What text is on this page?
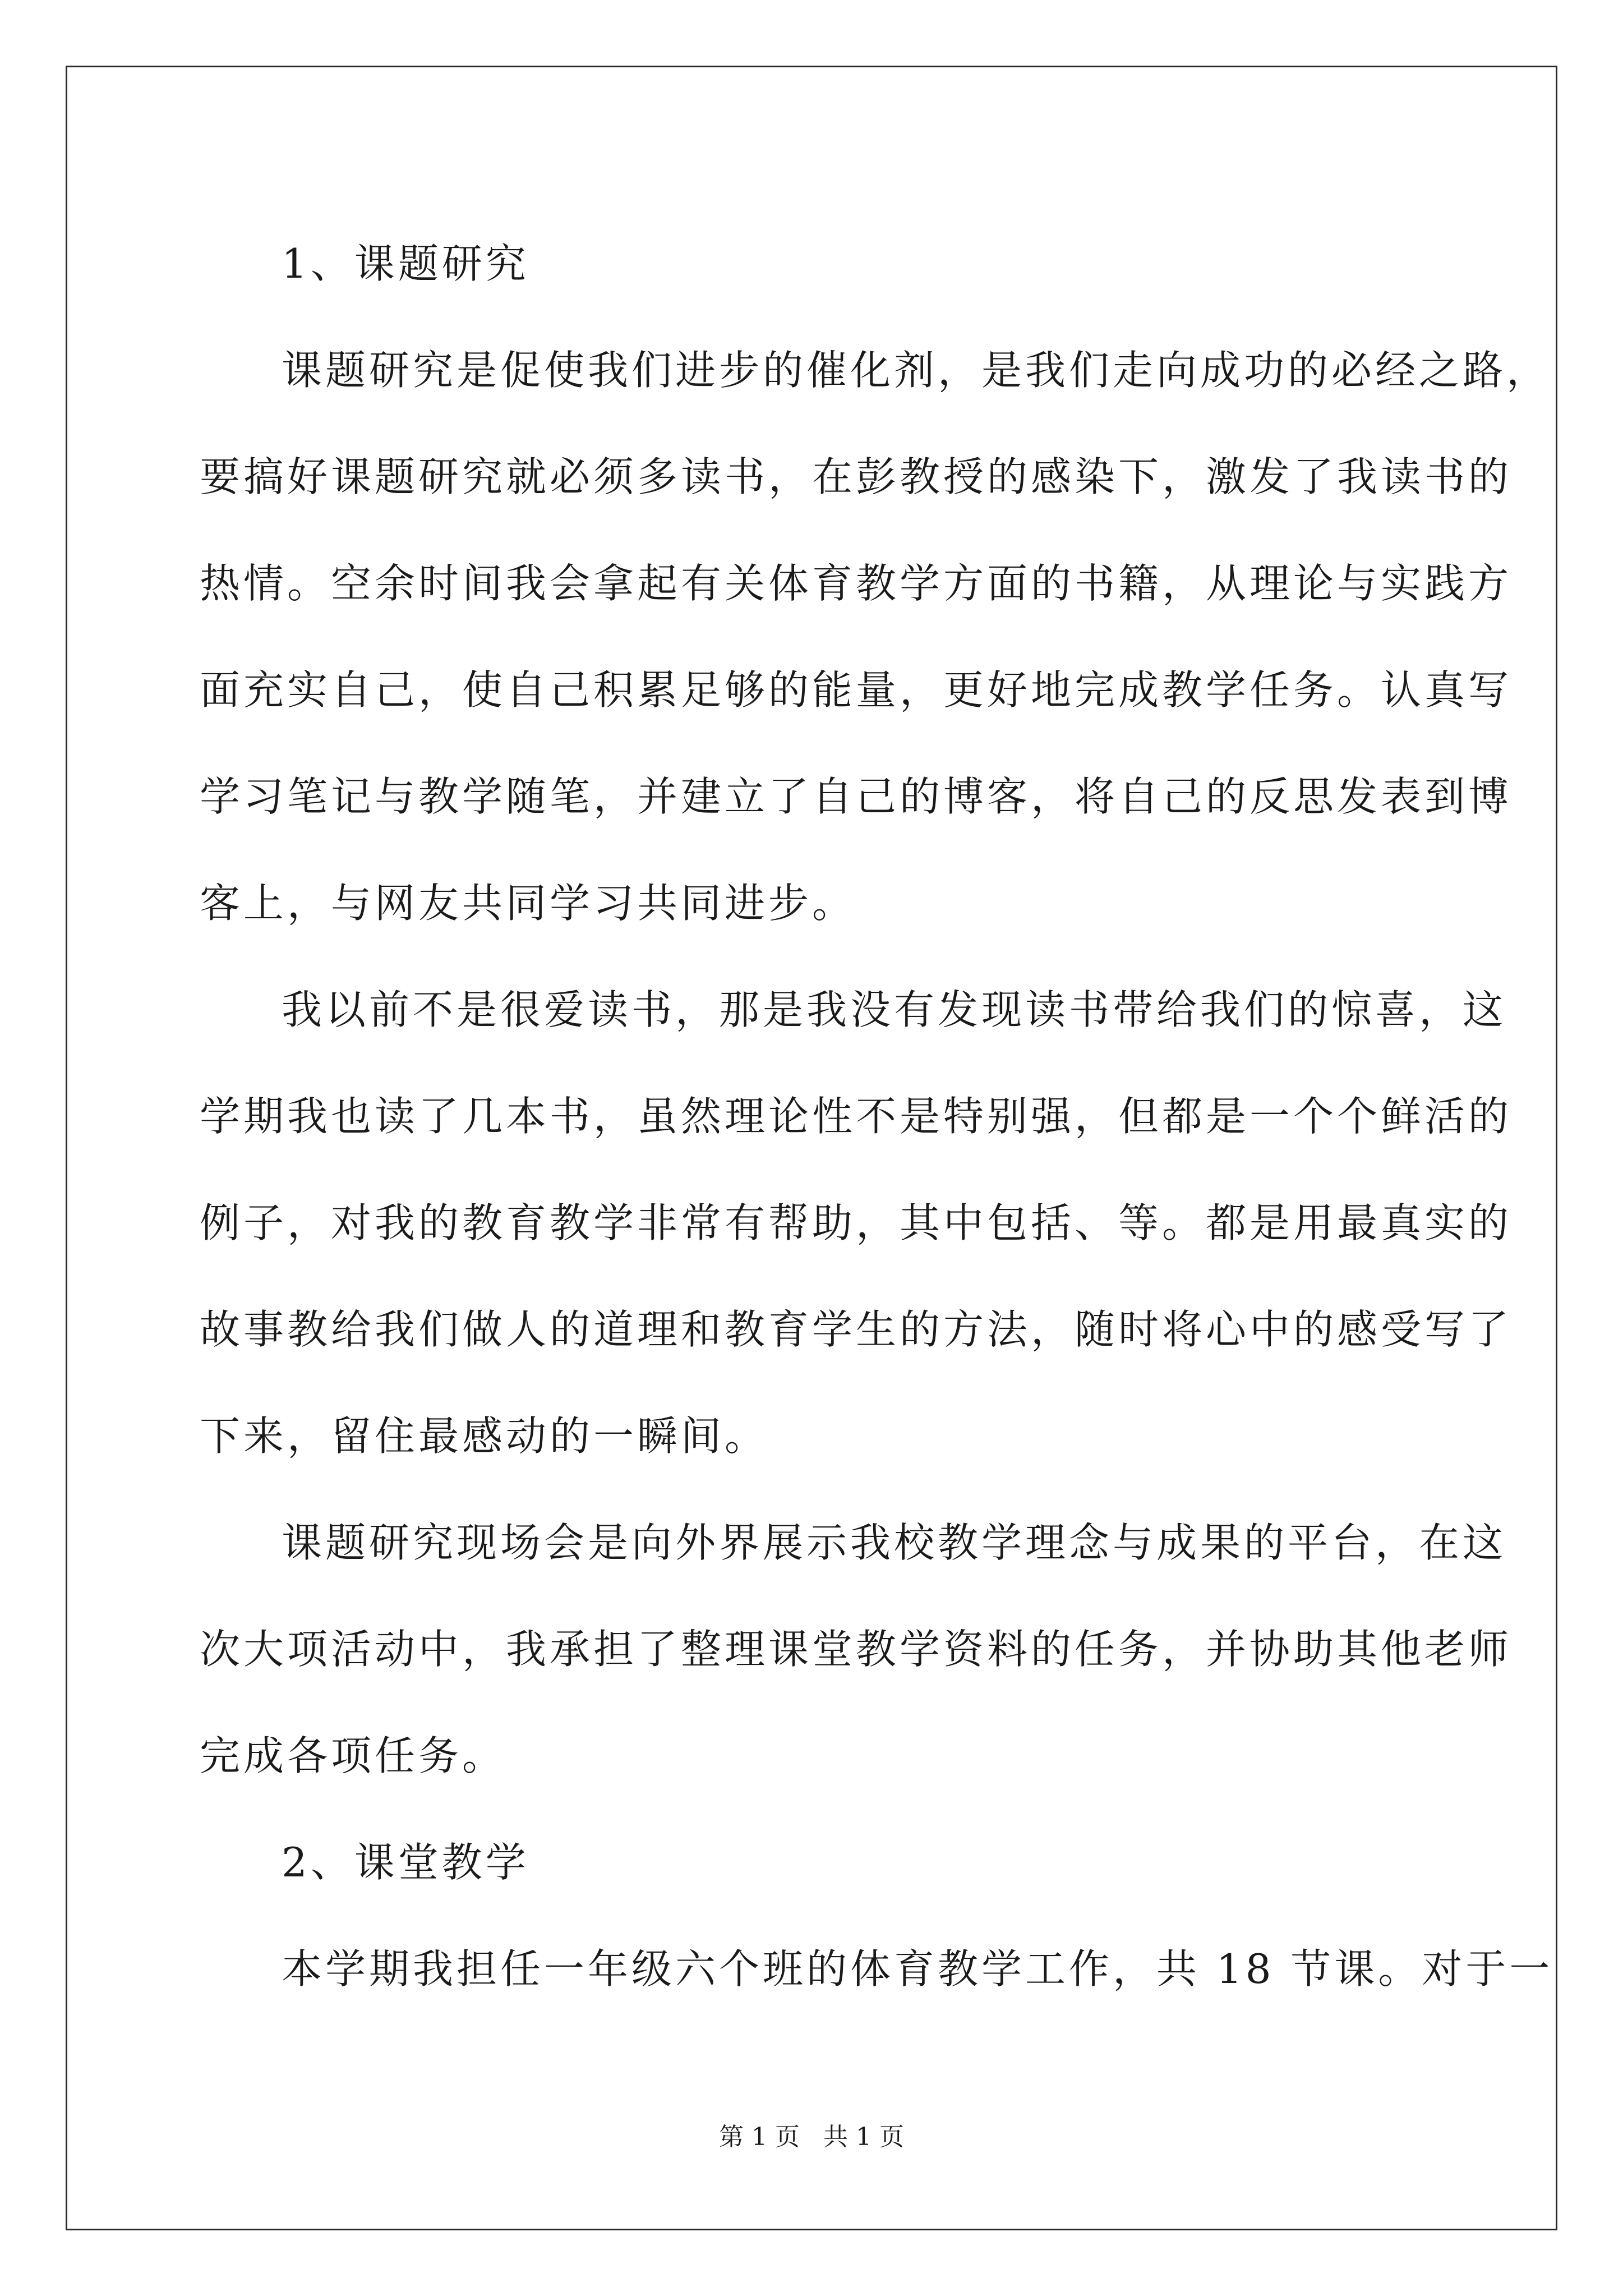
1、课题研究
课题研究是促使我们进步的催化剂，是我们走向成功的必经之路，
要搞好课题研究就必须多读书，在彭教授的感染下，激发了我读书的
热情。空余时间我会拿起有关体育教学方面的书籍，从理论与实践方
面充实自己，使自己积累足够的能量，更好地完成教学任务。认真写
学习笔记与教学随笔，并建立了自己的博客，将自己的反思发表到博
客上，与网友共同学习共同进步。
我以前不是很爱读书，那是我没有发现读书带给我们的惊喜，这
学期我也读了几本书，虽然理论性不是特别强，但都是一个个鲜活的
例子，对我的教育教学非常有帮助，其中包括、等。都是用最真实的
故事教给我们做人的道理和教育学生的方法，随时将心中的感受写了
下来，留住最感动的一瞬间。
课题研究现场会是向外界展示我校教学理念与成果的平台，在这
次大项活动中，我承担了整理课堂教学资料的任务，并协助其他老师
完成各项任务。
2、课堂教学
本学期我担任一年级六个班的体育教学工作，共 18 节课。对于一
第 1 页   共 1 页
